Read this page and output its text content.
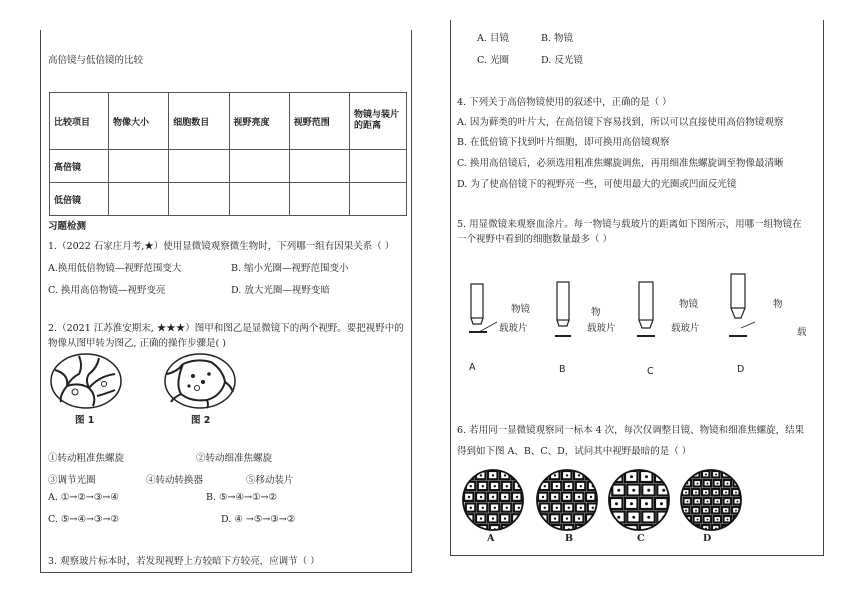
高倍镜与低倍镜的比较
比较项目	物像大小	细胞数目	视野亮度	视野范围	物镜与装片的距离
高倍镜					
低倍镜					
习题检测
1.（2022 石家庄月考,★）使用显微镜观察微生物时，下列哪一组有因果关系（ ）
A.换用低倍物镜—视野范围变大	B. 缩小光圈—视野范围变小
C. 换用高倍物镜—视野变亮	D. 放大光圈—视野变暗
2.（2021 江苏淮安期末, ★★★）图甲和图乙是显微镜下的两个视野。要把视野中的
物像从图甲转为图乙, 正确的操作步骤是( )
图 1	图 2
①转动粗准焦螺旋	②转动细准焦螺旋
③调节光圈	④转动转换器	⑤移动装片
A. ①→②→③→④	B. ⑤→④→①→②
C. ⑤→④→③→②	D. ④ →⑤→③→②
3. 观察玻片标本时，若发现视野上方较暗下方较亮，应调节（ ）
A. 目镜	B. 物镜
C. 光圈	D. 反光镜
4. 下列关于高倍物镜使用的叙述中，正确的是（ ）
A. 因为藓类的叶片大，在高倍镜下容易找到，所以可以直接使用高倍物镜观察
B. 在低倍镜下找到叶片细胞，即可换用高倍镜观察
C. 换用高倍镜后，必须选用粗准焦螺旋调焦，再用细准焦螺旋调至物像最清晰
D. 为了使高倍镜下的视野亮一些，可使用最大的光圈或凹面反光镜
5. 用显微镜来观察血涂片。每一物镜与载玻片的距离如下图所示，用哪一组物镜在
一个视野中看到的细胞数量最多（ ）
物镜
载玻片
A
物
载玻片
B
物镜
载玻片
C
物
载
D
6. 若用同一显微镜观察同一标本 4 次，每次仅调整目镜、物镜和细准焦螺旋，结果
得到如下图 A、B、C、D，试问其中视野最暗的是（ ）
A	B	C	D
